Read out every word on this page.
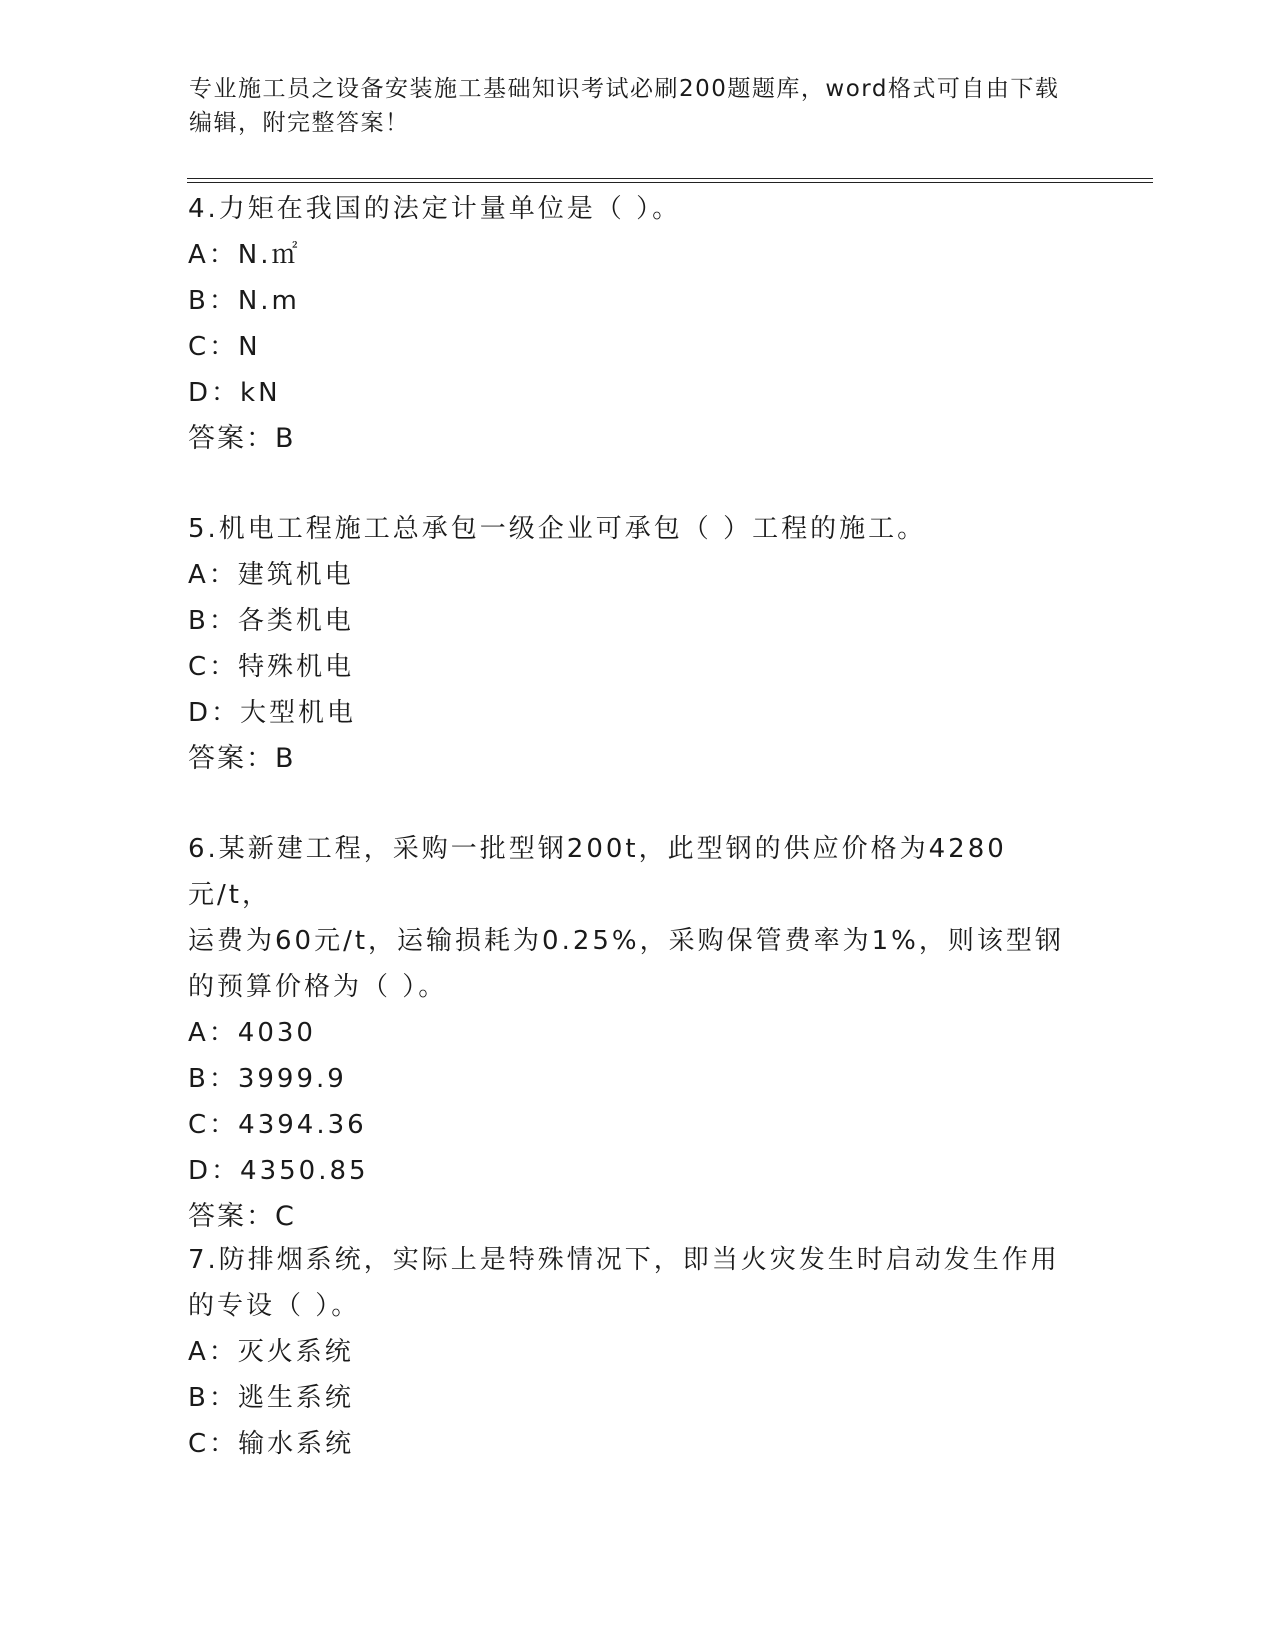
专业施工员之设备安装施工基础知识考试必刷200题题库，word格式可自由下载
编辑，附完整答案！

4.力矩在我国的法定计量单位是（ ）。

A：N.㎡

B：N.m

C：N

D：kN

答案：B

5.机电工程施工总承包一级企业可承包（ ）工程的施工。

A：建筑机电

B：各类机电

C：特殊机电

D：大型机电

答案：B

6.某新建工程，采购一批型钢200t，此型钢的供应价格为4280元/t，

运费为60元/t，运输损耗为0.25%，采购保管费率为1%，则该型钢

的预算价格为（ ）。

A：4030

B：3999.9

C：4394.36

D：4350.85

答案：C

7.防排烟系统，实际上是特殊情况下，即当火灾发生时启动发生作用

的专设（ ）。

A：灭火系统

B：逃生系统

C：输水系统
